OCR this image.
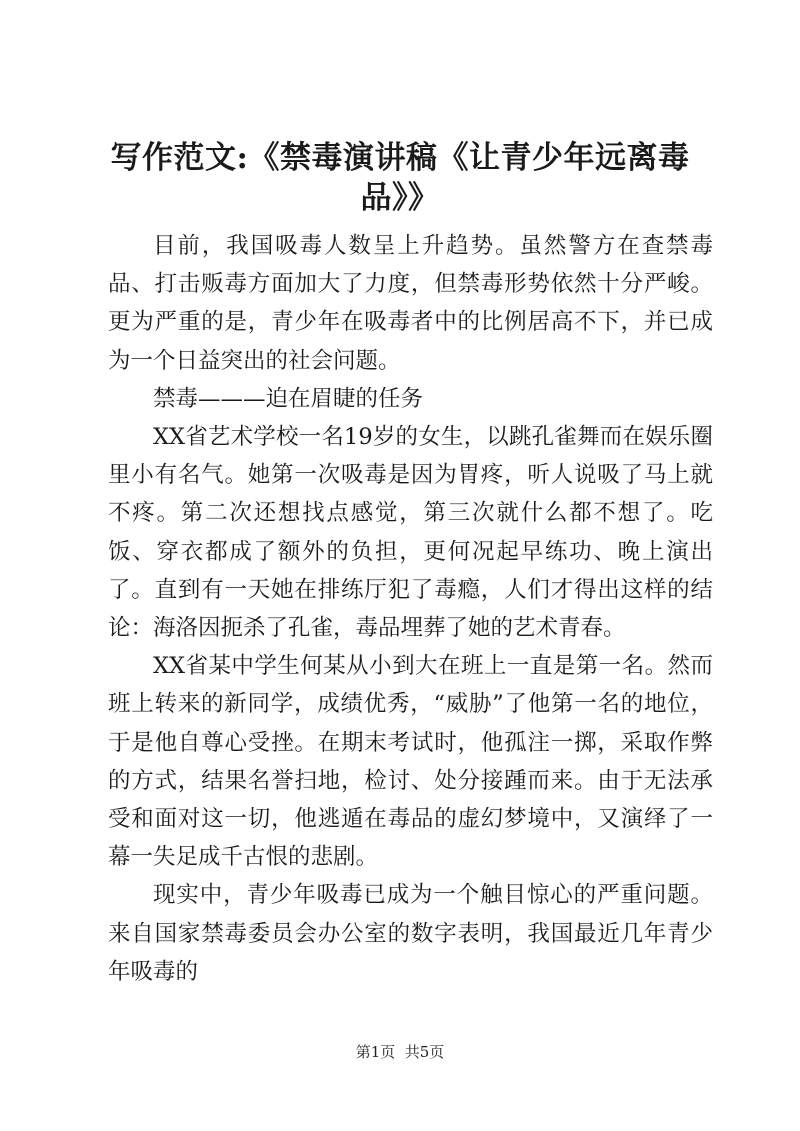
写作范文:《禁毒演讲稿《让青少年远离毒品》》

目前，我国吸毒人数呈上升趋势。虽然警方在查禁毒品、打击贩毒方面加大了力度，但禁毒形势依然十分严峻。更为严重的是，青少年在吸毒者中的比例居高不下，并已成为一个日益突出的社会问题。

禁毒———迫在眉睫的任务

XX省艺术学校一名19岁的女生，以跳孔雀舞而在娱乐圈里小有名气。她第一次吸毒是因为胃疼，听人说吸了马上就不疼。第二次还想找点感觉，第三次就什么都不想了。吃饭、穿衣都成了额外的负担，更何况起早练功、晚上演出了。直到有一天她在排练厅犯了毒瘾，人们才得出这样的结论：海洛因扼杀了孔雀，毒品埋葬了她的艺术青春。

XX省某中学生何某从小到大在班上一直是第一名。然而班上转来的新同学，成绩优秀，“威胁”了他第一名的地位，于是他自尊心受挫。在期末考试时，他孤注一掷，采取作弊的方式，结果名誉扫地，检讨、处分接踵而来。由于无法承受和面对这一切，他逃遁在毒品的虚幻梦境中，又演绎了一幕一失足成千古恨的悲剧。

现实中，青少年吸毒已成为一个触目惊心的严重问题。来自国家禁毒委员会办公室的数字表明，我国最近几年青少年吸毒的

第1页  共5页
